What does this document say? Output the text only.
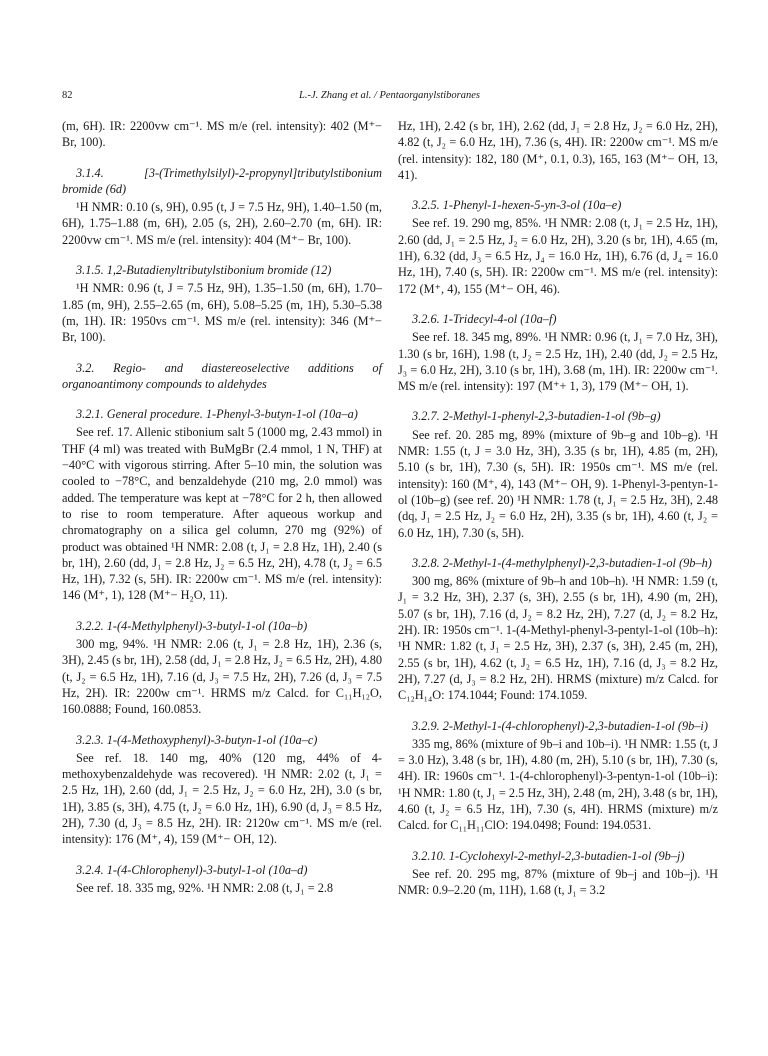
82	L.-J. Zhang et al. / Pentaorganylstiboranes

(m, 6H). IR: 2200vw cm⁻¹. MS m/e (rel. intensity): 402 (M⁺− Br, 100).

3.1.4. [3-(Trimethylsilyl)-2-propynyl]tributylstibonium bromide (6d)

¹H NMR: 0.10 (s, 9H), 0.95 (t, J = 7.5 Hz, 9H), 1.40–1.50 (m, 6H), 1.75–1.88 (m, 6H), 2.05 (s, 2H), 2.60–2.70 (m, 6H). IR: 2200vw cm⁻¹. MS m/e (rel. intensity): 404 (M⁺− Br, 100).

3.1.5. 1,2-Butadienyltributylstibonium bromide (12)

¹H NMR: 0.96 (t, J = 7.5 Hz, 9H), 1.35–1.50 (m, 6H), 1.70–1.85 (m, 9H), 2.55–2.65 (m, 6H), 5.08–5.25 (m, 1H), 5.30–5.38 (m, 1H). IR: 1950vs cm⁻¹. MS m/e (rel. intensity): 346 (M⁺− Br, 100).

3.2. Regio- and diastereoselective additions of organoantimony compounds to aldehydes

3.2.1. General procedure. 1-Phenyl-3-butyn-1-ol (10a–a)

See ref. 17. Allenic stibonium salt 5 (1000 mg, 2.43 mmol) in THF (4 ml) was treated with BuMgBr (2.4 mmol, 1 N, THF) at −40°C with vigorous stirring. After 5–10 min, the solution was cooled to −78°C, and benzaldehyde (210 mg, 2.0 mmol) was added. The temperature was kept at −78°C for 2 h, then allowed to rise to room temperature. After aqueous workup and chromatography on a silica gel column, 270 mg (92%) of product was obtained ¹H NMR: 2.08 (t, J₁ = 2.8 Hz, 1H), 2.40 (s br, 1H), 2.60 (dd, J₁ = 2.8 Hz, J₂ = 6.5 Hz, 2H), 4.78 (t, J₂ = 6.5 Hz, 1H), 7.32 (s, 5H). IR: 2200w cm⁻¹. MS m/e (rel. intensity): 146 (M⁺, 1), 128 (M⁺− H₂O, 11).

3.2.2. 1-(4-Methylphenyl)-3-butyl-1-ol (10a–b)

300 mg, 94%. ¹H NMR: 2.06 (t, J₁ = 2.8 Hz, 1H), 2.36 (s, 3H), 2.45 (s br, 1H), 2.58 (dd, J₁ = 2.8 Hz, J₂ = 6.5 Hz, 2H), 4.80 (t, J₂ = 6.5 Hz, 1H), 7.16 (d, J₃ = 7.5 Hz, 2H), 7.26 (d, J₃ = 7.5 Hz, 2H). IR: 2200w cm⁻¹. HRMS m/z Calcd. for C₁₁H₁₂O, 160.0888; Found, 160.0853.

3.2.3. 1-(4-Methoxyphenyl)-3-butyn-1-ol (10a–c)

See ref. 18. 140 mg, 40% (120 mg, 44% of 4-methoxybenzaldehyde was recovered). ¹H NMR: 2.02 (t, J₁ = 2.5 Hz, 1H), 2.60 (dd, J₁ = 2.5 Hz, J₂ = 6.0 Hz, 2H), 3.0 (s br, 1H), 3.85 (s, 3H), 4.75 (t, J₂ = 6.0 Hz, 1H), 6.90 (d, J₃ = 8.5 Hz, 2H), 7.30 (d, J₃ = 8.5 Hz, 2H). IR: 2120w cm⁻¹. MS m/e (rel. intensity): 176 (M⁺, 4), 159 (M⁺− OH, 12).

3.2.4. 1-(4-Chlorophenyl)-3-butyl-1-ol (10a–d)

See ref. 18. 335 mg, 92%. ¹H NMR: 2.08 (t, J₁ = 2.8

Hz, 1H), 2.42 (s br, 1H), 2.62 (dd, J₁ = 2.8 Hz, J₂ = 6.0 Hz, 2H), 4.82 (t, J₂ = 6.0 Hz, 1H), 7.36 (s, 4H). IR: 2200w cm⁻¹. MS m/e (rel. intensity): 182, 180 (M⁺, 0.1, 0.3), 165, 163 (M⁺− OH, 13, 41).

3.2.5. 1-Phenyl-1-hexen-5-yn-3-ol (10a–e)

See ref. 19. 290 mg, 85%. ¹H NMR: 2.08 (t, J₁ = 2.5 Hz, 1H), 2.60 (dd, J₁ = 2.5 Hz, J₂ = 6.0 Hz, 2H), 3.20 (s br, 1H), 4.65 (m, 1H), 6.32 (dd, J₃ = 6.5 Hz, J₄ = 16.0 Hz, 1H), 6.76 (d, J₄ = 16.0 Hz, 1H), 7.40 (s, 5H). IR: 2200w cm⁻¹. MS m/e (rel. intensity): 172 (M⁺, 4), 155 (M⁺− OH, 46).

3.2.6. 1-Tridecyl-4-ol (10a–f)

See ref. 18. 345 mg, 89%. ¹H NMR: 0.96 (t, J₁ = 7.0 Hz, 3H), 1.30 (s br, 16H), 1.98 (t, J₂ = 2.5 Hz, 1H), 2.40 (dd, J₂ = 2.5 Hz, J₃ = 6.0 Hz, 2H), 3.10 (s br, 1H), 3.68 (m, 1H). IR: 2200w cm⁻¹. MS m/e (rel. intensity): 197 (M⁺+ 1, 3), 179 (M⁺− OH, 1).

3.2.7. 2-Methyl-1-phenyl-2,3-butadien-1-ol (9b–g)

See ref. 20. 285 mg, 89% (mixture of 9b–g and 10b–g). ¹H NMR: 1.55 (t, J = 3.0 Hz, 3H), 3.35 (s br, 1H), 4.85 (m, 2H), 5.10 (s br, 1H), 7.30 (s, 5H). IR: 1950s cm⁻¹. MS m/e (rel. intensity): 160 (M⁺, 4), 143 (M⁺− OH, 9). 1-Phenyl-3-pentyn-1-ol (10b–g) (see ref. 20) ¹H NMR: 1.78 (t, J₁ = 2.5 Hz, 3H), 2.48 (dq, J₁ = 2.5 Hz, J₂ = 6.0 Hz, 2H), 3.35 (s br, 1H), 4.60 (t, J₂ = 6.0 Hz, 1H), 7.30 (s, 5H).

3.2.8. 2-Methyl-1-(4-methylphenyl)-2,3-butadien-1-ol (9b–h)

300 mg, 86% (mixture of 9b–h and 10b–h). ¹H NMR: 1.59 (t, J₁ = 3.2 Hz, 3H), 2.37 (s, 3H), 2.55 (s br, 1H), 4.90 (m, 2H), 5.07 (s br, 1H), 7.16 (d, J₂ = 8.2 Hz, 2H), 7.27 (d, J₂ = 8.2 Hz, 2H). IR: 1950s cm⁻¹. 1-(4-Methyl-phenyl-3-pentyl-1-ol (10b–h): ¹H NMR: 1.82 (t, J₁ = 2.5 Hz, 3H), 2.37 (s, 3H), 2.45 (m, 2H), 2.55 (s br, 1H), 4.62 (t, J₂ = 6.5 Hz, 1H), 7.16 (d, J₃ = 8.2 Hz, 2H), 7.27 (d, J₃ = 8.2 Hz, 2H). HRMS (mixture) m/z Calcd. for C₁₂H₁₄O: 174.1044; Found: 174.1059.

3.2.9. 2-Methyl-1-(4-chlorophenyl)-2,3-butadien-1-ol (9b–i)

335 mg, 86% (mixture of 9b–i and 10b–i). ¹H NMR: 1.55 (t, J = 3.0 Hz), 3.48 (s br, 1H), 4.80 (m, 2H), 5.10 (s br, 1H), 7.30 (s, 4H). IR: 1960s cm⁻¹. 1-(4-chlorophenyl)-3-pentyn-1-ol (10b–i): ¹H NMR: 1.80 (t, J₁ = 2.5 Hz, 3H), 2.48 (m, 2H), 3.48 (s br, 1H), 4.60 (t, J₂ = 6.5 Hz, 1H), 7.30 (s, 4H). HRMS (mixture) m/z Calcd. for C₁₁H₁₁ClO: 194.0498; Found: 194.0531.

3.2.10. 1-Cyclohexyl-2-methyl-2,3-butadien-1-ol (9b–j)

See ref. 20. 295 mg, 87% (mixture of 9b–j and 10b–j). ¹H NMR: 0.9–2.20 (m, 11H), 1.68 (t, J₁ = 3.2
